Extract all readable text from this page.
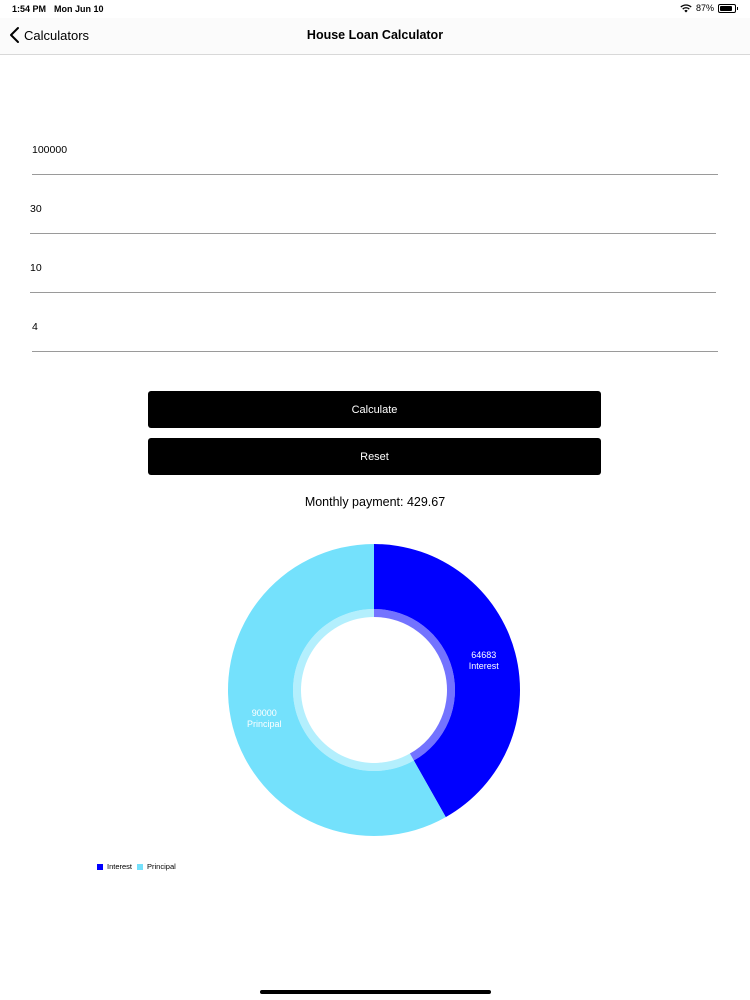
1:54 PM Mon Jun 10	87%
Calculators	House Loan Calculator
100000
30
10
4
Calculate
Reset
Monthly payment: 429.67
64683
Interest
90000
Principal
Interest Principal
